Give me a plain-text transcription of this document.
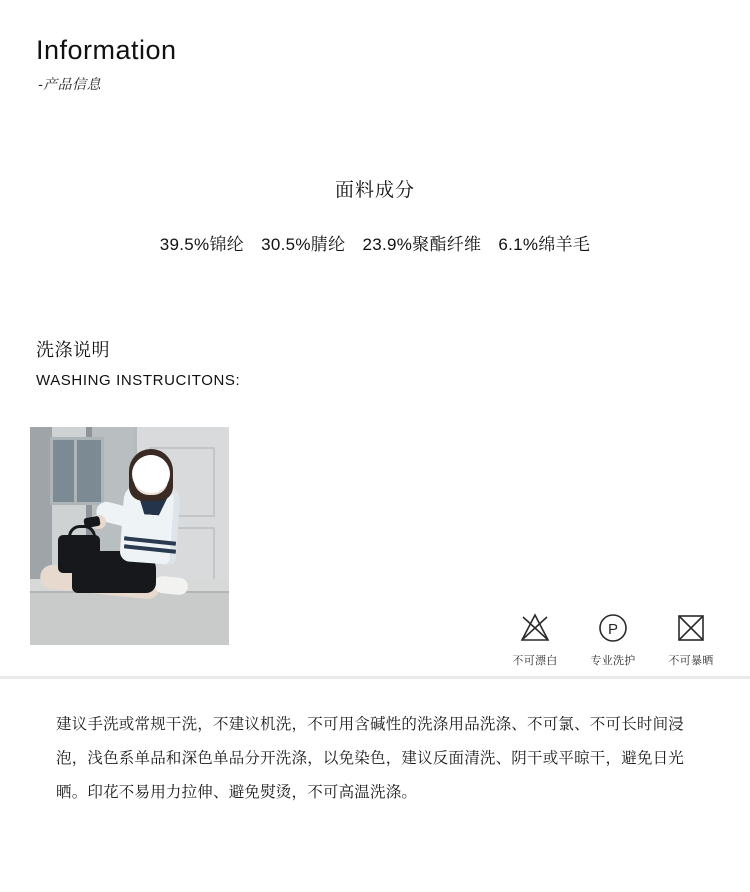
Information
-产品信息
面料成分
39.5%锦纶 30.5%腈纶 23.9%聚酯纤维 6.1%绵羊毛
洗涤说明
WASHING INSTRUCITONS:
不可漂白
P
专业洗护	不可暴晒
建议手洗或常规干洗，不建议机洗，不可用含碱性的洗涤用品洗涤、不可氯、不可长时间浸泡，浅色系单品和深色单品分开洗涤，以免染色，建议反面清洗、阴干或平晾干，避免日光晒。印花不易用力拉伸、避免熨烫，不可高温洗涤。
